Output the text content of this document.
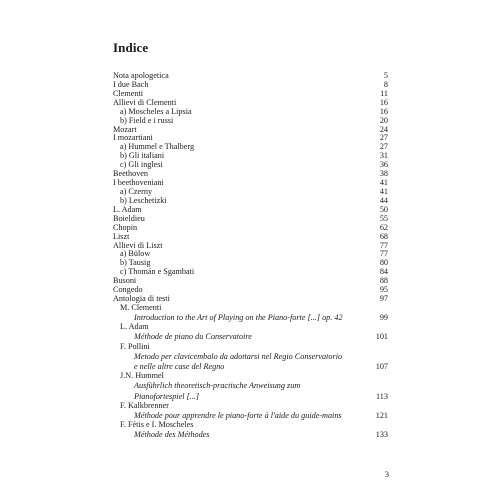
Indice
Nota apologetica	5
I due Bach	8
Clementi	11
Allievi di Clementi	16
a) Moscheles a Lipsia	16
b) Field e i russi	20
Mozart	24
I mozartiani	27
a) Hummel e Thalberg	27
b) Gli italiani	31
c) Gli inglesi	36
Beethoven	38
I beethoveniani	41
a) Czerny	41
b) Leschetizki	44
L. Adam	50
Boieldieu	55
Chopin	62
Liszt	68
Allievi di Liszt	77
a) Bülow	77
b) Tausig	80
c) Thomán e Sgambati	84
Busoni	88
Congedo	95
Antologia di testi	97
M. Clementi
Introduction to the Art of Playing on the Piano-forte [...] op. 42	99
L. Adam
Méthode de piano du Conservatoire	101
F. Pollini
Metodo per clavicembalo da adottarsi nel Regio Conservatorio
e nelle altre case del Regno	107
J.N. Hummel
Ausführlich theoretisch-practische Anweisung zum
Pianofortespiel [...]	113
F. Kalkbrenner
Méthode pour apprendre le piano-forte à l'aide du guide-mains	121
F. Fétis e I. Moscheles
Méthode des Méthodes	133
3
